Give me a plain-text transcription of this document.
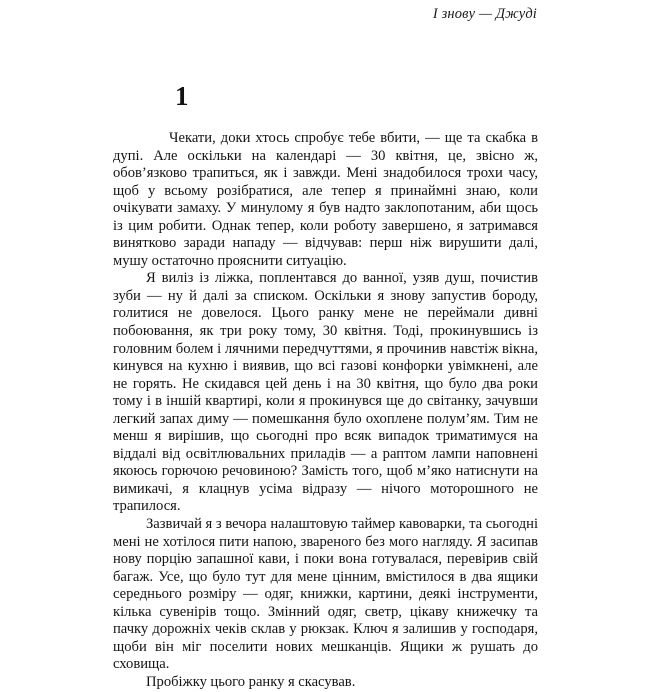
І знову — Джуді
1

Чекати, доки хтось спробує тебе вбити, — ще та скабка в дупі. Але оскільки на календарі — 30 квітня, це, звісно ж, обов’язково трапиться, як і завжди. Мені знадобилося трохи часу, щоб у всьому розібратися, але тепер я принаймні знаю, коли очікувати замаху. У минулому я був надто заклопотаним, аби щось із цим робити. Однак тепер, коли роботу завершено, я затримався винятково заради нападу — відчував: перш ніж вирушити далі, мушу остаточно прояснити ситуацію.

Я виліз із ліжка, поплентався до ванної, узяв душ, почистив зуби — ну й далі за списком. Оскільки я знову запустив бороду, голитися не довелося. Цього ранку мене не переймали дивні побоювання, як три року тому, 30 квітня. Тоді, прокинувшись із головним болем і лячними передчуттями, я прочинив навстіж вікна, кинувся на кухню і виявив, що всі газові конфорки увімкнені, але не горять. Не скидався цей день і на 30 квітня, що було два роки тому і в іншій квартирі, коли я прокинувся ще до світанку, зачувши легкий запах диму — помешкання було охоплене полум’ям. Тим не менш я вирішив, що сьогодні про всяк випадок триматимуся на віддалі від освітлювальних приладів — а раптом лампи наповнені якоюсь горючою речовиною? Замість того, щоб м’яко натиснути на вимикачі, я клацнув усіма відразу — нічого моторошного не трапилося.

Зазвичай я з вечора налаштовую таймер кавоварки, та сьогодні мені не хотілося пити напою, звареного без мого нагляду. Я засипав нову порцію запашної кави, і поки вона готувалася, перевірив свій багаж. Усе, що було тут для мене цінним, вмістилося в два ящики середнього розміру — одяг, книжки, картини, деякі інструменти, кілька сувенірів тощо. Змінний одяг, светр, цікаву книжечку та пачку дорожніх чеків склав у рюкзак. Ключ я залишив у господаря, щоби він міг поселити нових мешканців. Ящики ж рушать до сховища.

Пробіжку цього ранку я скасував.
